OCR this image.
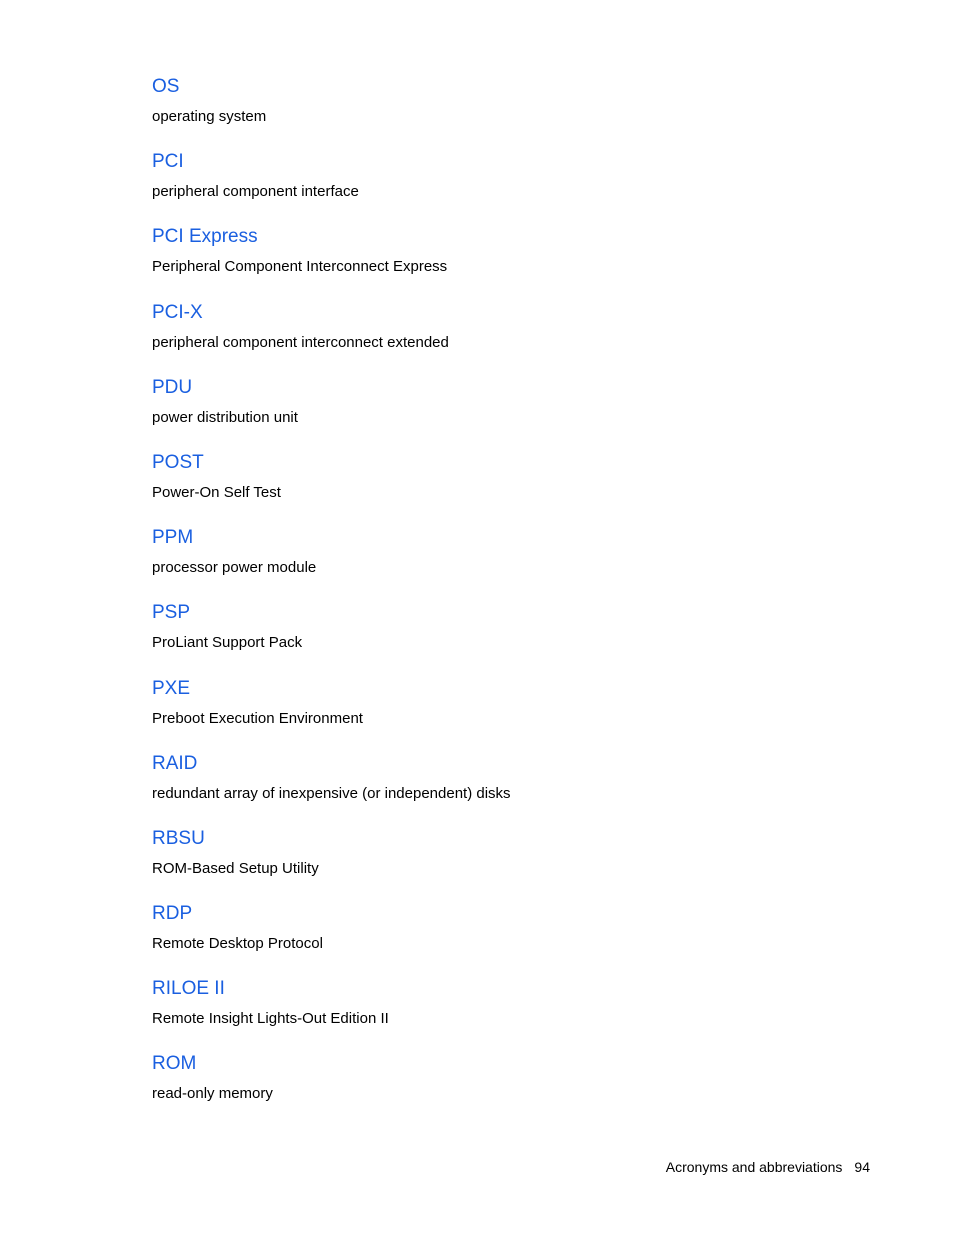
OS
operating system
PCI
peripheral component interface
PCI Express
Peripheral Component Interconnect Express
PCI-X
peripheral component interconnect extended
PDU
power distribution unit
POST
Power-On Self Test
PPM
processor power module
PSP
ProLiant Support Pack
PXE
Preboot Execution Environment
RAID
redundant array of inexpensive (or independent) disks
RBSU
ROM-Based Setup Utility
RDP
Remote Desktop Protocol
RILOE II
Remote Insight Lights-Out Edition II
ROM
read-only memory
Acronyms and abbreviations 94
